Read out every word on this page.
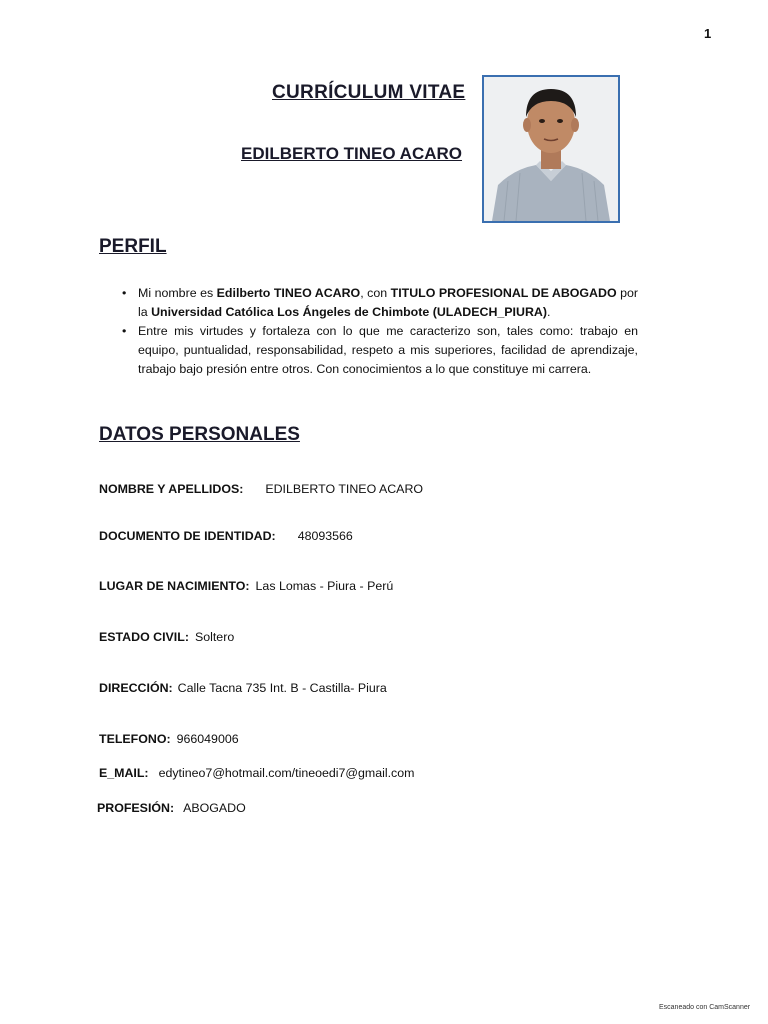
1
CURRÍCULUM VITAE
EDILBERTO TINEO ACARO
PERFIL
• Mi nombre es Edilberto TINEO ACARO, con TITULO PROFESIONAL DE ABOGADO por la Universidad Católica Los Ángeles de Chimbote (ULADECH_PIURA).
• Entre mis virtudes y fortaleza con lo que me caracterizo son, tales como: trabajo en equipo, puntualidad, responsabilidad, respeto a mis superiores, facilidad de aprendizaje, trabajo bajo presión entre otros. Con conocimientos a lo que constituye mi carrera.
DATOS PERSONALES
NOMBRE Y APELLIDOS: EDILBERTO TINEO ACARO
DOCUMENTO DE IDENTIDAD: 48093566
LUGAR DE NACIMIENTO: Las Lomas - Piura - Perú
ESTADO CIVIL: Soltero
DIRECCIÓN: Calle Tacna 735 Int. B - Castilla- Piura
TELEFONO: 966049006
E_MAIL: edytineo7@hotmail.com/tineoedi7@gmail.com
PROFESIÓN: ABOGADO
Escaneado con CamScanner
